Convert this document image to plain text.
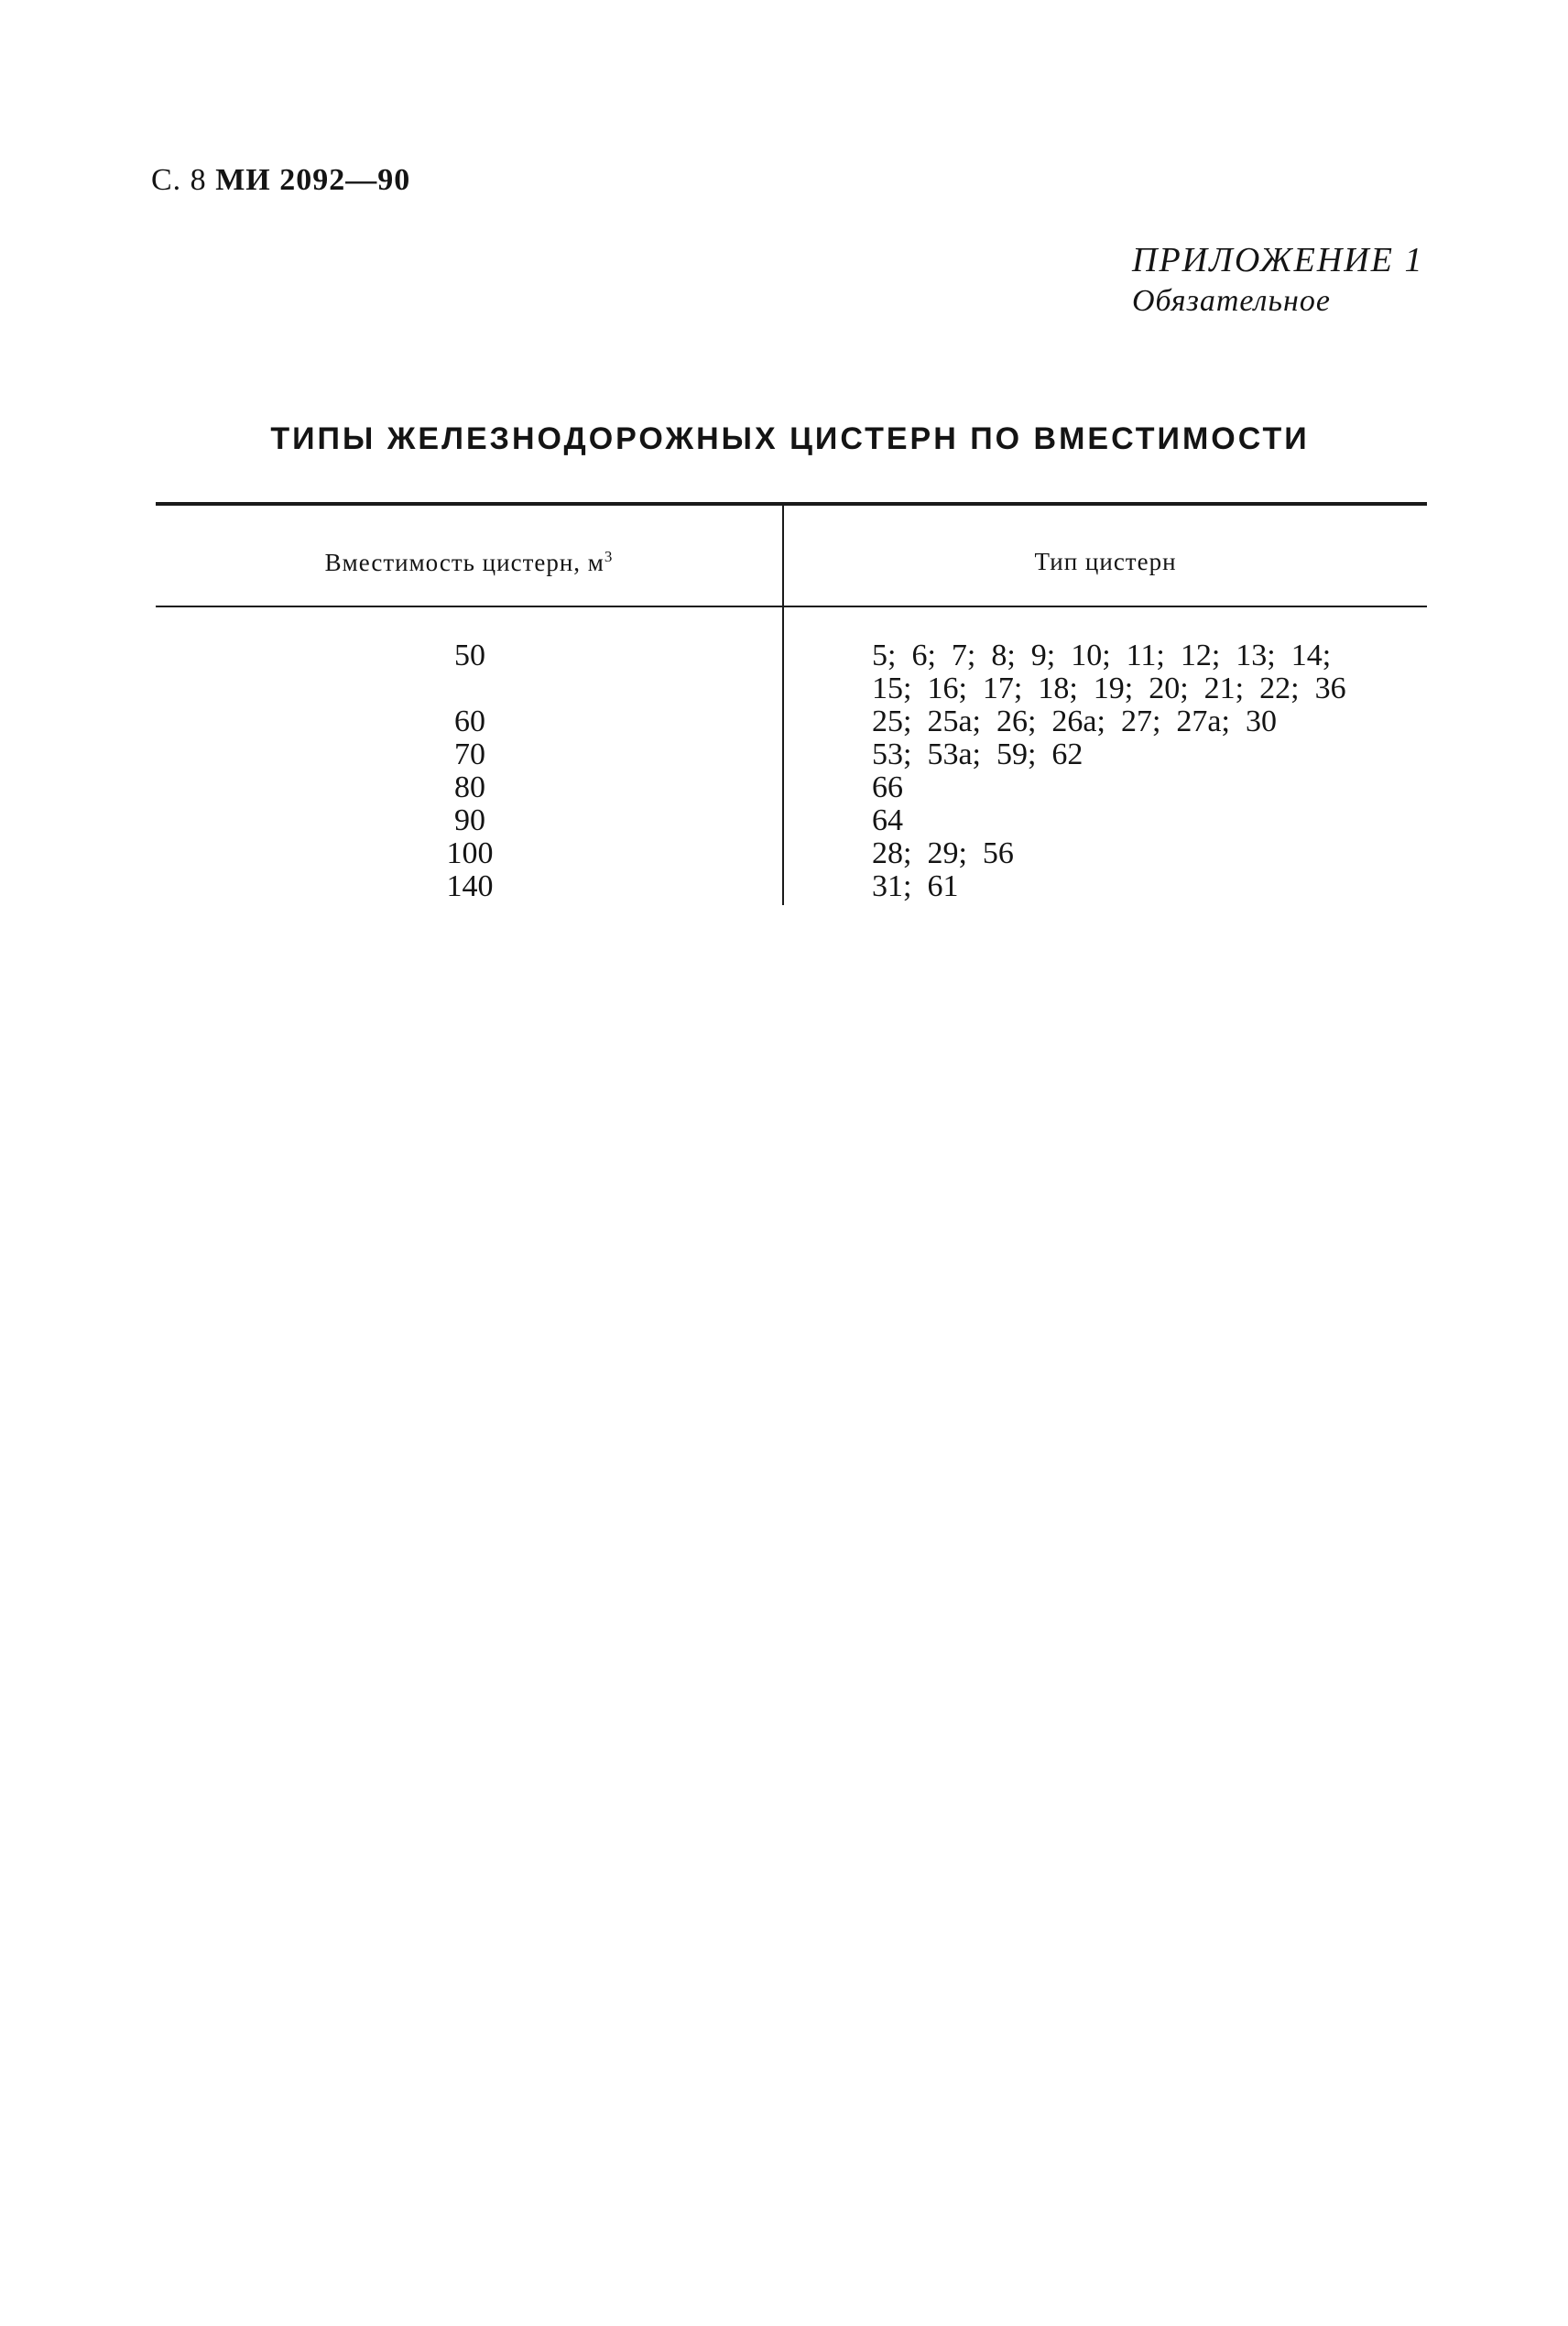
С. 8 МИ 2092—90
ПРИЛОЖЕНИЕ 1
Обязательное
ТИПЫ ЖЕЛЕЗНОДОРОЖНЫХ ЦИСТЕРН ПО ВМЕСТИМОСТИ
Вместимость цистерн, $м^3$	Тип цистерн
50

60
70
80
90
100
140
5;  6;  7;  8;  9;  10;  11;  12;  13;  14;
15;  16;  17;  18;  19;  20;  21;  22;  36
25;  25а;  26;  26а;  27;  27а;  30
53;  53а;  59;  62
66
64
28;  29;  56
31;  61
